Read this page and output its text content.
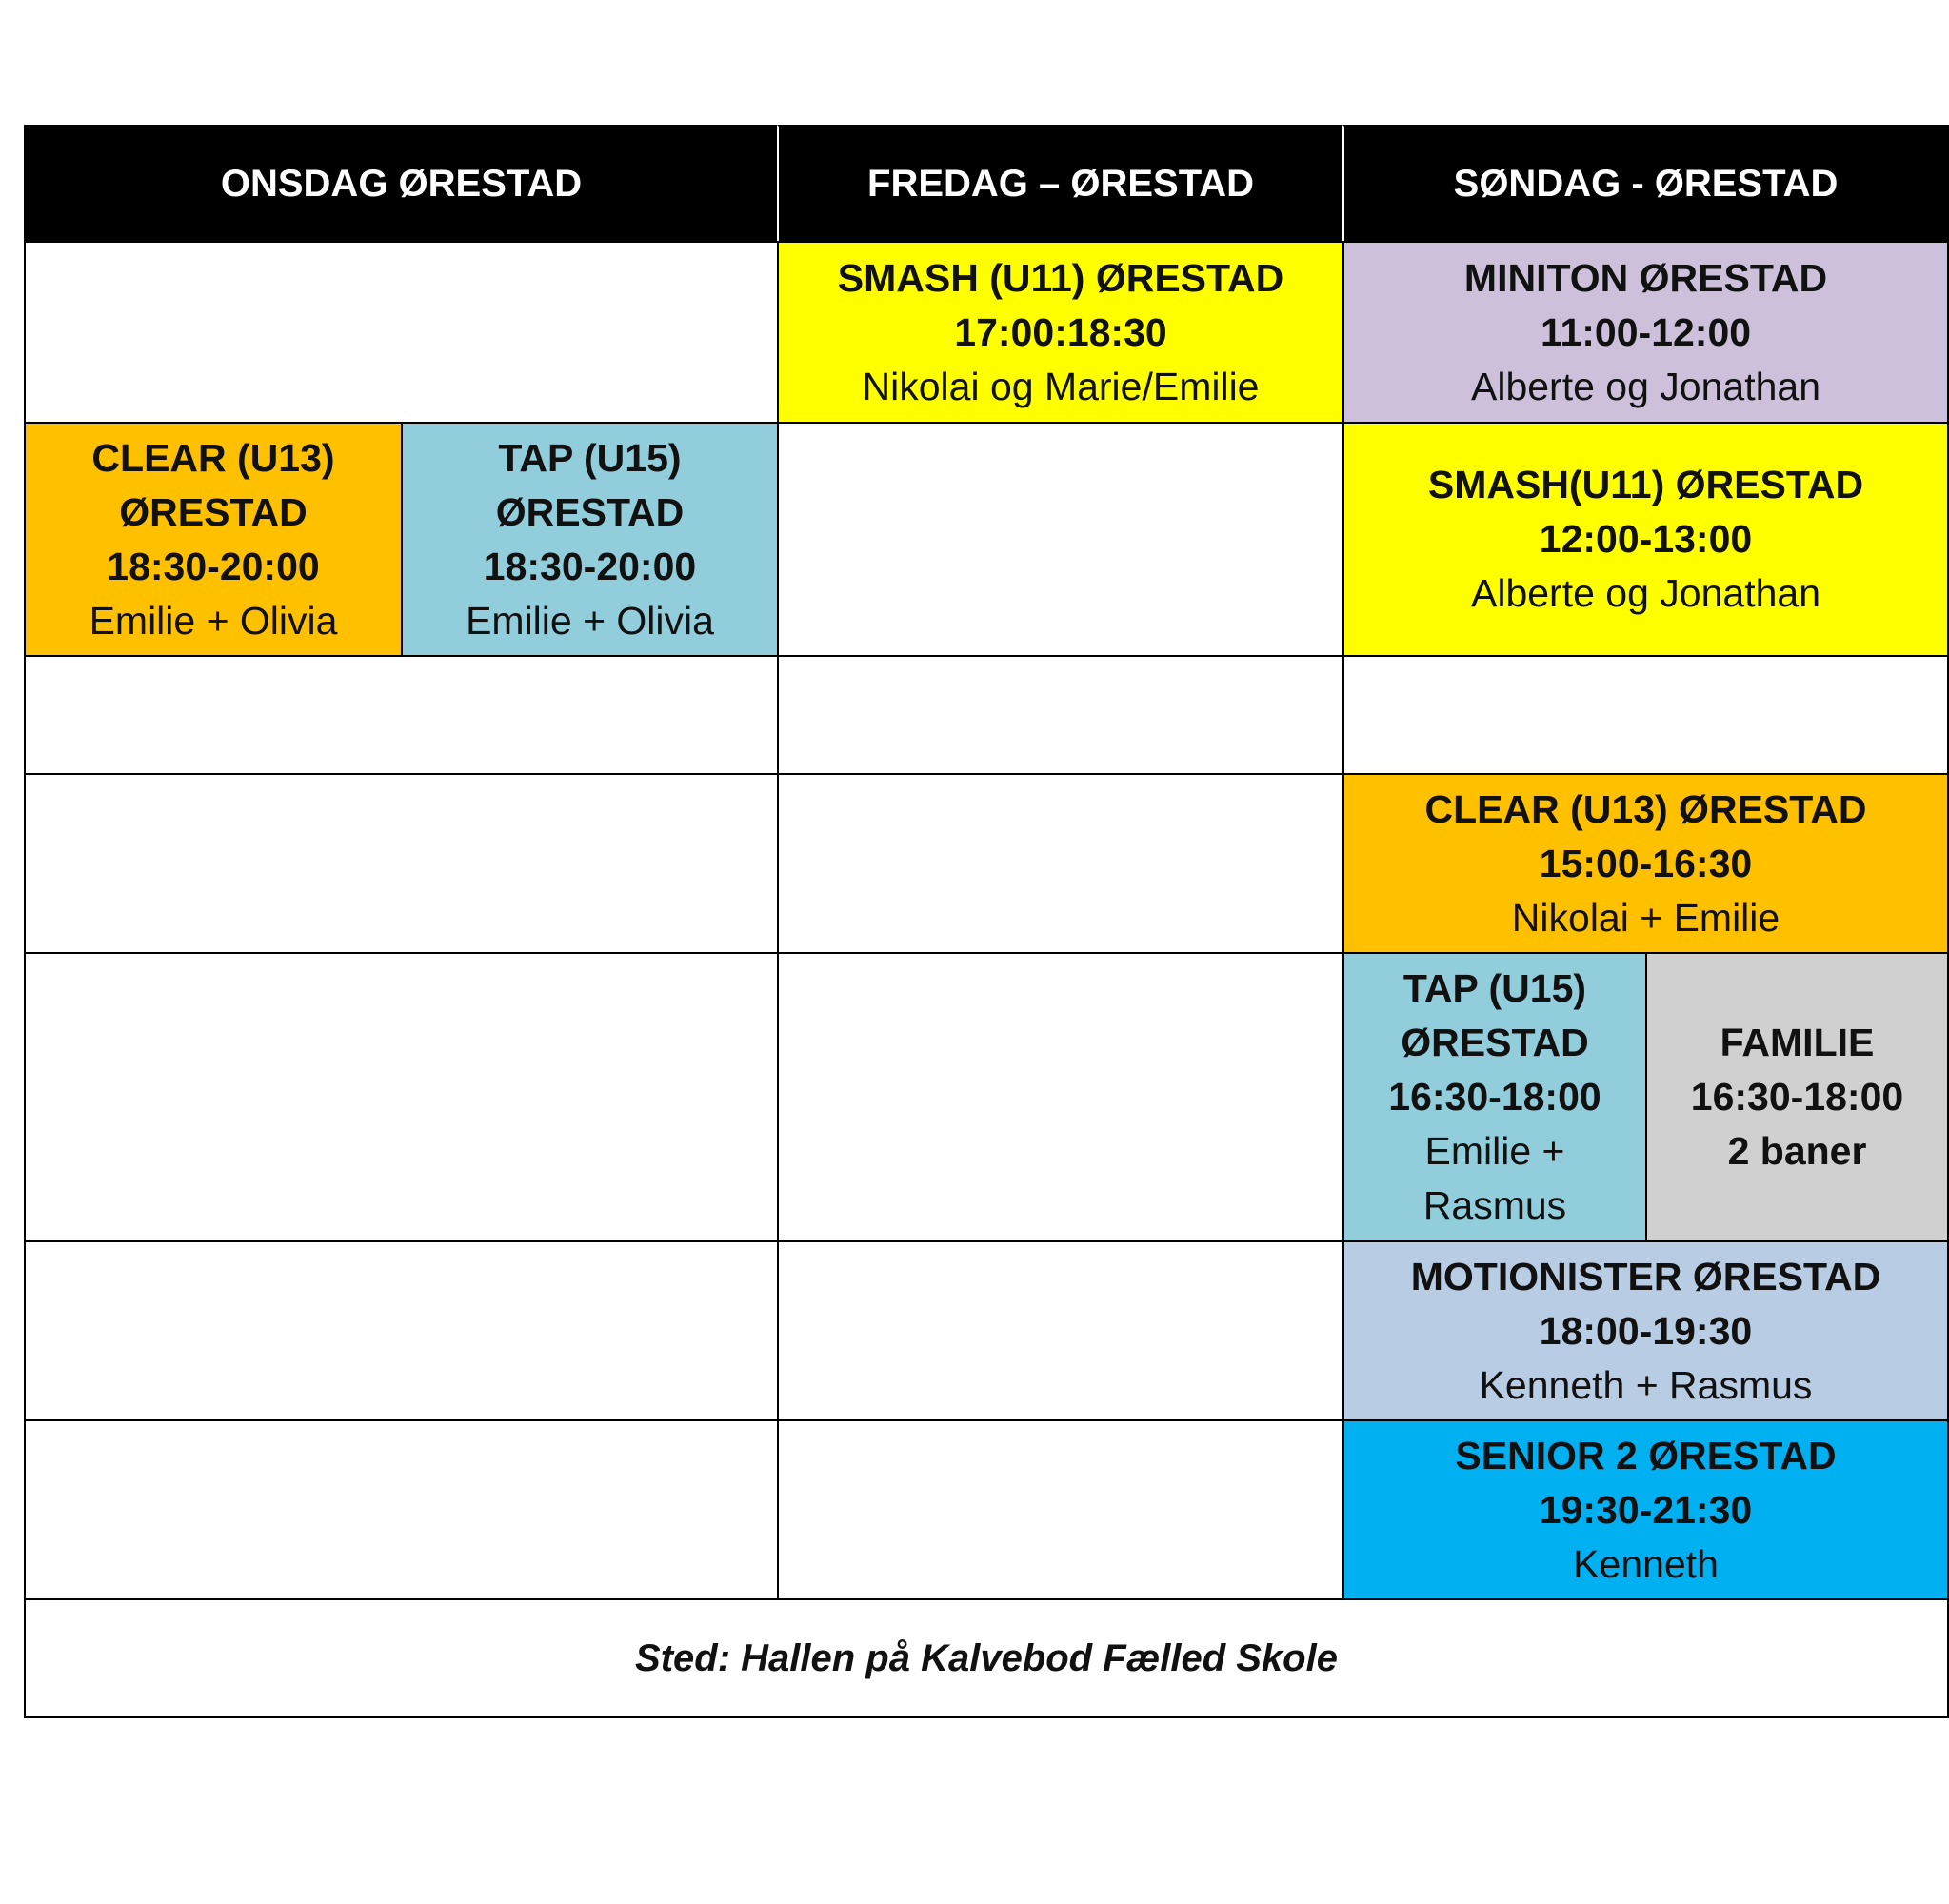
ONSDAG ØRESTAD	FREDAG – ØRESTAD	SØNDAG - ØRESTAD
SMASH (U11) ØRESTAD
17:00:18:30
Nikolai og Marie/Emilie
MINITON ØRESTAD
11:00-12:00
Alberte og Jonathan
CLEAR (U13)
ØRESTAD
18:30-20:00
Emilie + Olivia
TAP (U15)
ØRESTAD
18:30-20:00
Emilie + Olivia
SMASH(U11) ØRESTAD
12:00-13:00
Alberte og Jonathan
CLEAR (U13) ØRESTAD
15:00-16:30
Nikolai + Emilie
TAP (U15)
ØRESTAD
16:30-18:00
Emilie +
Rasmus
FAMILIE
16:30-18:00
2 baner
MOTIONISTER ØRESTAD
18:00-19:30
Kenneth + Rasmus
SENIOR 2 ØRESTAD
19:30-21:30
Kenneth
Sted: Hallen på Kalvebod Fælled Skole
